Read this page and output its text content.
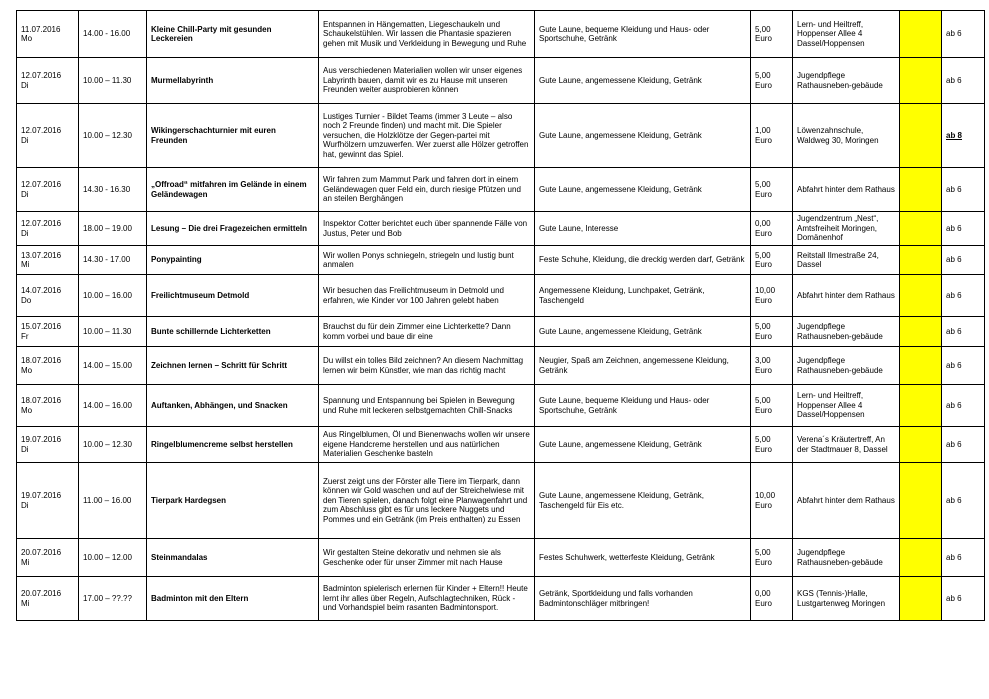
11.07.2016
Mo	14.00 - 16.00	Kleine Chill-Party mit gesunden Leckereien	Entspannen in Hängematten, Liegeschaukeln und Schaukelstühlen. Wir lassen die Phantasie spazieren gehen mit Musik und Verkleidung in Bewegung und Ruhe	Gute Laune, bequeme Kleidung und Haus- oder Sportschuhe, Getränk	5,00 Euro	Lern- und Heiltreff, Hoppenser Allee 4 Dassel/Hoppensen		ab 6

12.07.2016
Di	10.00 – 11.30	Murmellabyrinth	Aus verschiedenen Materialien wollen wir unser eigenes Labyrinth bauen, damit wir es zu Hause mit unseren Freunden weiter ausprobieren können	Gute Laune, angemessene Kleidung, Getränk	5,00 Euro	Jugendpflege Rathausneben-gebäude		ab 6

12.07.2016
Di	10.00 – 12.30	Wikingerschachturnier mit euren Freunden	Lustiges Turnier - Bildet Teams (immer 3 Leute – also noch 2 Freunde finden) und macht mit. Die Spieler versuchen, die Holzklötze der Gegen-partei mit Wurfhölzern umzuwerfen. Wer zuerst alle Hölzer getroffen hat, gewinnt das Spiel.	Gute Laune, angemessene Kleidung, Getränk	1,00 Euro	Löwenzahnschule, Waldweg 30, Moringen		ab 8

12.07.2016
Di	14.30 - 16.30	„Offroad“ mitfahren im Gelände in einem Geländewagen	Wir fahren zum Mammut Park und fahren dort in einem Geländewagen quer Feld ein, durch riesige Pfützen und an steilen Berghängen	Gute Laune, angemessene Kleidung, Getränk	5,00 Euro	Abfahrt hinter dem Rathaus		ab 6

12.07.2016
Di	18.00 – 19.00	Lesung – Die drei Fragezeichen ermitteln	Inspektor Cotter berichtet euch über spannende Fälle von Justus, Peter und Bob	Gute Laune, Interesse	0,00 Euro	Jugendzentrum „Nest“, Amtsfreiheit Moringen, Domänenhof		ab 6

13.07.2016
Mi	14.30 - 17.00	Ponypainting	Wir wollen Ponys schniegeln, striegeln und lustig bunt anmalen	Feste Schuhe, Kleidung, die dreckig werden darf, Getränk	5,00 Euro	Reitstall Ilmestraße 24, Dassel		ab 6

14.07.2016
Do	10.00 – 16.00	Freilichtmuseum Detmold	Wir besuchen das Freilichtmuseum in Detmold und erfahren, wie Kinder vor 100 Jahren gelebt haben	Angemessene Kleidung, Lunchpaket, Getränk, Taschengeld	10,00 Euro	Abfahrt hinter dem Rathaus		ab 6

15.07.2016
Fr	10.00 – 11.30	Bunte schillernde Lichterketten	Brauchst du für dein Zimmer eine Lichterkette? Dann komm vorbei und baue dir eine	Gute Laune, angemessene Kleidung, Getränk	5,00 Euro	Jugendpflege Rathausneben-gebäude		ab 6

18.07.2016
Mo	14.00 – 15.00	Zeichnen lernen – Schritt für Schritt	Du willst ein tolles Bild zeichnen? An diesem Nachmittag lernen wir beim Künstler, wie man das richtig macht	Neugier, Spaß am Zeichnen, angemessene Kleidung, Getränk	3,00 Euro	Jugendpflege Rathausneben-gebäude		ab 6

18.07.2016
Mo	14.00 – 16.00	Auftanken, Abhängen, und Snacken	Spannung und Entspannung bei Spielen in Bewegung und Ruhe mit leckeren selbstgemachten Chill-Snacks	Gute Laune, bequeme Kleidung und Haus- oder Sportschuhe, Getränk	5,00 Euro	Lern- und Heiltreff, Hoppenser Allee 4 Dassel/Hoppensen		ab 6

19.07.2016
Di	10.00 – 12.30	Ringelblumencreme selbst herstellen	Aus Ringelblumen, Öl und Bienenwachs wollen wir unsere eigene Handcreme herstellen und aus natürlichen Materialien Geschenke basteln	Gute Laune, angemessene Kleidung, Getränk	5,00 Euro	Verena´s Kräutertreff, An der Stadtmauer 8, Dassel		ab 6

19.07.2016
Di	11.00 – 16.00	Tierpark Hardegsen	Zuerst zeigt uns der Förster alle Tiere im Tierpark, dann können wir Gold waschen und auf der Streichelwiese mit den Tieren spielen, danach folgt eine Planwagenfahrt und zum Abschluss gibt es für uns leckere Nuggets und Pommes und ein Getränk (im Preis enthalten) zu Essen	Gute Laune, angemessene Kleidung, Getränk, Taschengeld für Eis etc.	10,00 Euro	Abfahrt hinter dem Rathaus		ab 6

20.07.2016
Mi	10.00 – 12.00	Steinmandalas	Wir gestalten Steine dekorativ und nehmen sie als Geschenke oder für unser Zimmer mit nach Hause	Festes Schuhwerk, wetterfeste Kleidung, Getränk	5,00 Euro	Jugendpflege Rathausneben-gebäude		ab 6

20.07.2016
Mi	17.00 – ??.??	Badminton mit den Eltern	Badminton spielerisch erlernen für Kinder + Eltern!! Heute lernt ihr alles über Regeln, Aufschlagtechniken, Rück - und Vorhandspiel beim rasanten Badmintonsport.	Getränk, Sportkleidung und falls vorhanden Badmintonschläger mitbringen!	0,00 Euro	KGS (Tennis-)Halle, Lustgartenweg Moringen		ab 6
